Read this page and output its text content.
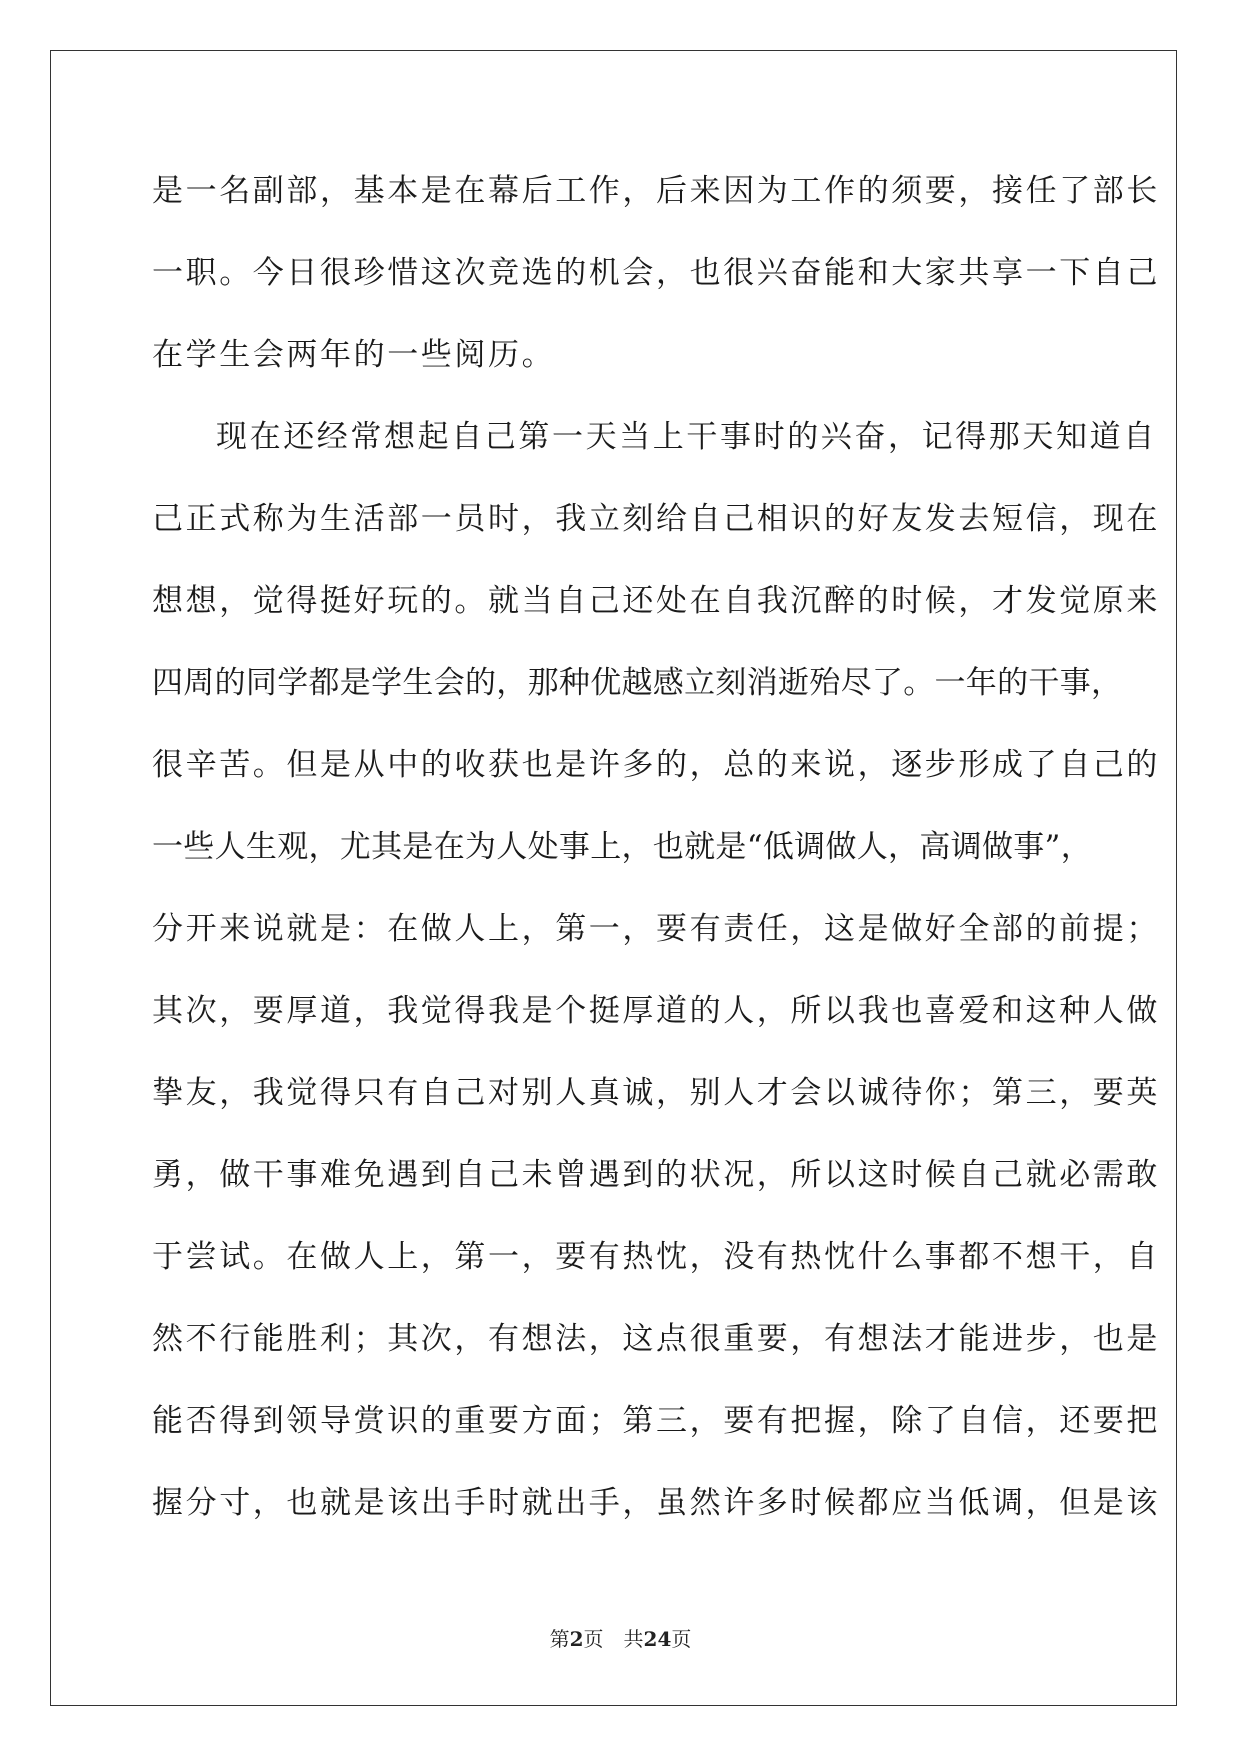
是一名副部，基本是在幕后工作，后来因为工作的须要，接任了部长
一职。今日很珍惜这次竞选的机会，也很兴奋能和大家共享一下自己
在学生会两年的一些阅历。
现在还经常想起自己第一天当上干事时的兴奋，记得那天知道自
己正式称为生活部一员时，我立刻给自己相识的好友发去短信，现在
想想，觉得挺好玩的。就当自己还处在自我沉醉的时候，才发觉原来
四周的同学都是学生会的，那种优越感立刻消逝殆尽了。一年的干事，
很辛苦。但是从中的收获也是许多的，总的来说，逐步形成了自己的
一些人生观，尤其是在为人处事上，也就是“低调做人，高调做事”，
分开来说就是：在做人上，第一，要有责任，这是做好全部的前提；
其次，要厚道，我觉得我是个挺厚道的人，所以我也喜爱和这种人做
挚友，我觉得只有自己对别人真诚，别人才会以诚待你；第三，要英
勇，做干事难免遇到自己未曾遇到的状况，所以这时候自己就必需敢
于尝试。在做人上，第一，要有热忱，没有热忱什么事都不想干，自
然不行能胜利；其次，有想法，这点很重要，有想法才能进步，也是
能否得到领导赏识的重要方面；第三，要有把握，除了自信，还要把
握分寸，也就是该出手时就出手，虽然许多时候都应当低调，但是该
第2页　共24页
